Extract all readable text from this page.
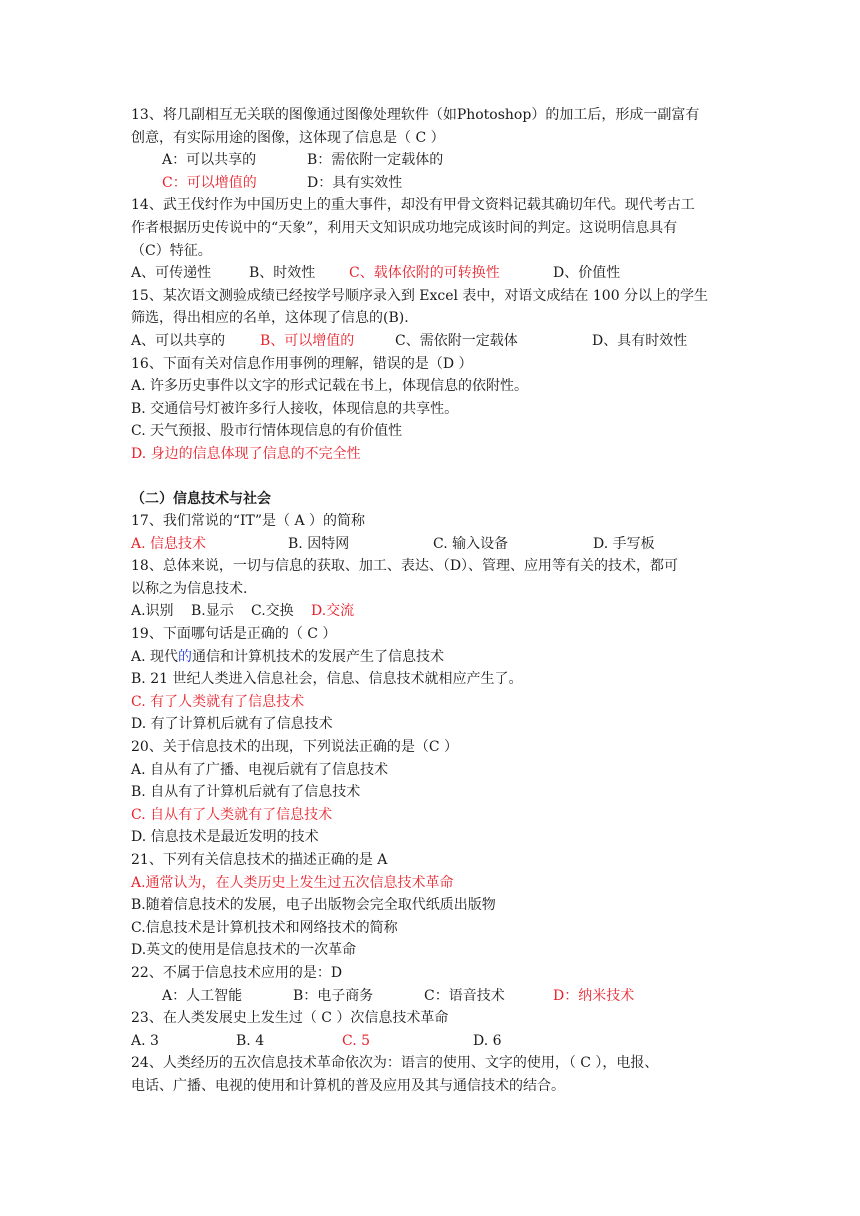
13、将几副相互无关联的图像通过图像处理软件（如Photoshop）的加工后，形成一副富有
创意，有实际用途的图像，这体现了信息是（ C ）
A：可以共享的	B：需依附一定载体的
C：可以增值的	D：具有实效性
14、武王伐纣作为中国历史上的重大事件，却没有甲骨文资料记载其确切年代。现代考古工
作者根据历史传说中的“天象”，利用天文知识成功地完成该时间的判定。这说明信息具有
（C）特征。
A、可传递性	B、时效性 C、载体依附的可转换性	D、价值性
15、某次语文测验成绩已经按学号顺序录入到 Excel 表中，对语文成结在 100 分以上的学生
筛选，得出相应的名单，这体现了信息的(B).
A、可以共享的 B、可以增值的	C、需依附一定载体	D、具有时效性
16、下面有关对信息作用事例的理解，错误的是（D ）
A. 许多历史事件以文字的形式记载在书上，体现信息的依附性。
B. 交通信号灯被许多行人接收，体现信息的共享性。
C. 天气预报、股市行情体现信息的有价值性
D. 身边的信息体现了信息的不完全性
（二）信息技术与社会
17、我们常说的“IT”是（ A ）的简称
A. 信息技术	B. 因特网	C. 输入设备	D. 手写板
18、总体来说，一切与信息的获取、加工、表达、（D）、管理、应用等有关的技术，都可
以称之为信息技术.
A.识别 B.显示 C.交换 D.交流
19、下面哪句话是正确的（ C ）
A. 现代的通信和计算机技术的发展产生了信息技术
B. 21 世纪人类进入信息社会，信息、信息技术就相应产生了。
C. 有了人类就有了信息技术
D. 有了计算机后就有了信息技术
20、关于信息技术的出现，下列说法正确的是（C ）
A. 自从有了广播、电视后就有了信息技术
B. 自从有了计算机后就有了信息技术
C. 自从有了人类就有了信息技术
D. 信息技术是最近发明的技术
21、下列有关信息技术的描述正确的是 A
A.通常认为，在人类历史上发生过五次信息技术革命
B.随着信息技术的发展，电子出版物会完全取代纸质出版物
C.信息技术是计算机技术和网络技术的简称
D.英文的使用是信息技术的一次革命
22、不属于信息技术应用的是：D
A：人工智能	B：电子商务	C：语音技术	D：纳米技术
23、在人类发展史上发生过（ C ）次信息技术革命
A. 3	B. 4	C. 5	D. 6
24、人类经历的五次信息技术革命依次为：语言的使用、文字的使用，（ C ），电报、
电话、广播、电视的使用和计算机的普及应用及其与通信技术的结合。
